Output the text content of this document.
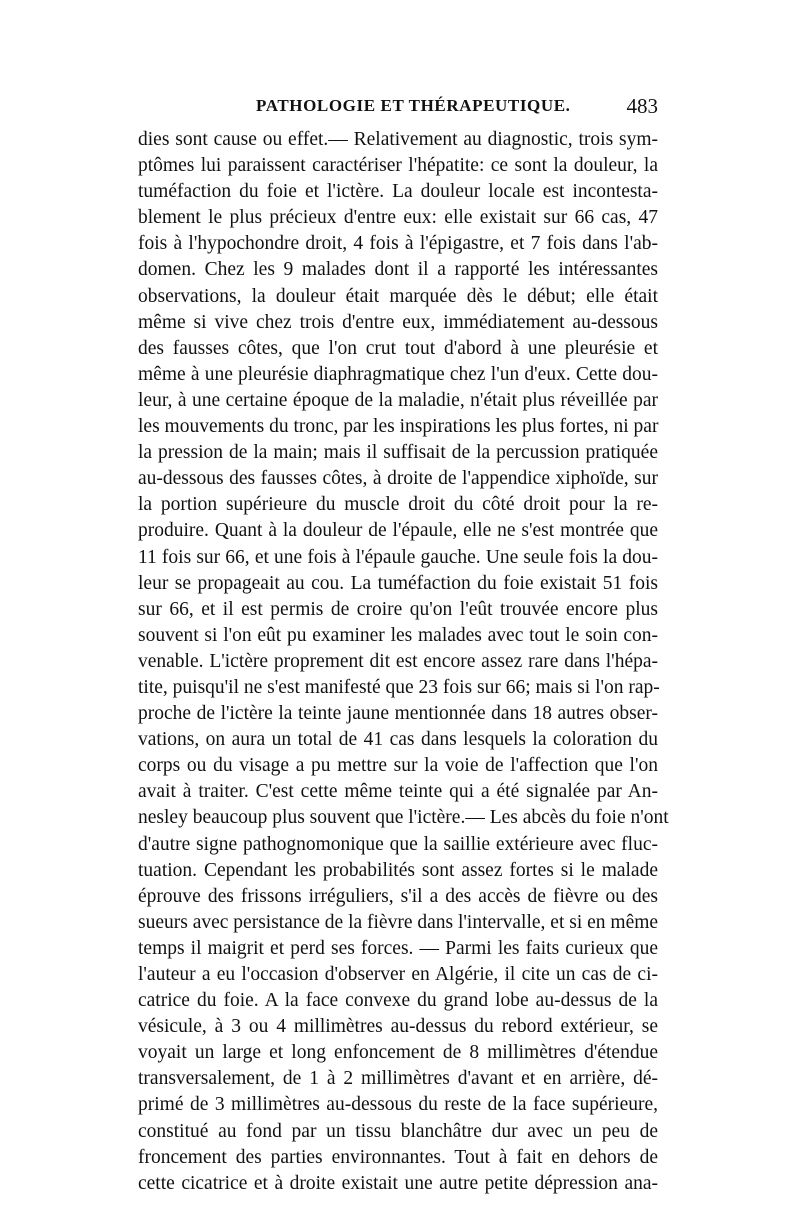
PATHOLOGIE ET THÉRAPEUTIQUE.	483
dies sont cause ou effet.— Relativement au diagnostic, trois sym-
ptômes lui paraissent caractériser l'hépatite: ce sont la douleur, la
tuméfaction du foie et l'ictère. La douleur locale est incontesta-
blement le plus précieux d'entre eux: elle existait sur 66 cas, 47
fois à l'hypochondre droit, 4 fois à l'épigastre, et 7 fois dans l'ab-
domen. Chez les 9 malades dont il a rapporté les intéressantes
observations, la douleur était marquée dès le début; elle était
même si vive chez trois d'entre eux, immédiatement au-dessous
des fausses côtes, que l'on crut tout d'abord à une pleurésie et
même à une pleurésie diaphragmatique chez l'un d'eux. Cette dou-
leur, à une certaine époque de la maladie, n'était plus réveillée par
les mouvements du tronc, par les inspirations les plus fortes, ni par
la pression de la main; mais il suffisait de la percussion pratiquée
au-dessous des fausses côtes, à droite de l'appendice xiphoïde, sur
la portion supérieure du muscle droit du côté droit pour la re-
produire. Quant à la douleur de l'épaule, elle ne s'est montrée que
11 fois sur 66, et une fois à l'épaule gauche. Une seule fois la dou-
leur se propageait au cou. La tuméfaction du foie existait 51 fois
sur 66, et il est permis de croire qu'on l'eût trouvée encore plus
souvent si l'on eût pu examiner les malades avec tout le soin con-
venable. L'ictère proprement dit est encore assez rare dans l'hépa-
tite, puisqu'il ne s'est manifesté que 23 fois sur 66; mais si l'on rap-
proche de l'ictère la teinte jaune mentionnée dans 18 autres obser-
vations, on aura un total de 41 cas dans lesquels la coloration du
corps ou du visage a pu mettre sur la voie de l'affection que l'on
avait à traiter. C'est cette même teinte qui a été signalée par An-
nesley beaucoup plus souvent que l'ictère.— Les abcès du foie n'ont
d'autre signe pathognomonique que la saillie extérieure avec fluc-
tuation. Cependant les probabilités sont assez fortes si le malade
éprouve des frissons irréguliers, s'il a des accès de fièvre ou des
sueurs avec persistance de la fièvre dans l'intervalle, et si en même
temps il maigrit et perd ses forces. — Parmi les faits curieux que
l'auteur a eu l'occasion d'observer en Algérie, il cite un cas de ci-
catrice du foie. A la face convexe du grand lobe au-dessus de la
vésicule, à 3 ou 4 millimètres au-dessus du rebord extérieur, se
voyait un large et long enfoncement de 8 millimètres d'étendue
transversalement, de 1 à 2 millimètres d'avant et en arrière, dé-
primé de 3 millimètres au-dessous du reste de la face supérieure,
constitué au fond par un tissu blanchâtre dur avec un peu de
froncement des parties environnantes. Tout à fait en dehors de
cette cicatrice et à droite existait une autre petite dépression ana-
